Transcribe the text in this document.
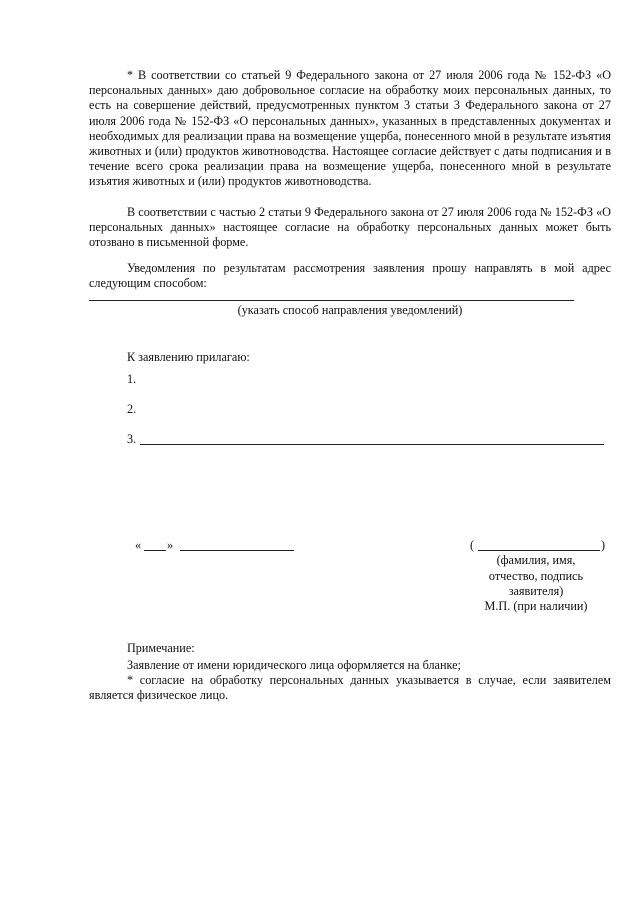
* В соответствии со статьей 9 Федерального закона от 27 июля 2006 года № 152-ФЗ «О персональных данных» даю добровольное согласие на обработку моих персональных данных, то есть на совершение действий, предусмотренных пунктом 3 статьи 3 Федерального закона от 27 июля 2006 года № 152-ФЗ «О персональных данных», указанных в представленных документах и необходимых для реализации права на возмещение ущерба, понесенного мной в результате изъятия животных и (или) продуктов животноводства. Настоящее согласие действует с даты подписания и в течение всего срока реализации права на возмещение ущерба, понесенного мной в результате изъятия животных и (или) продуктов животноводства.

В соответствии с частью 2 статьи 9 Федерального закона от 27 июля 2006 года № 152-ФЗ «О персональных данных» настоящее согласие на обработку персональных данных может быть отозвано в письменной форме.

Уведомления по результатам рассмотрения заявления прошу направлять в мой адрес следующим способом:

(указать способ направления уведомлений)
К заявлению прилагаю:
1.
2.
3.
« »	(	)
(фамилия, имя,
отчество, подпись
заявителя)
М.П. (при наличии)
Примечание:
Заявление от имени юридического лица оформляется на бланке;

* согласие на обработку персональных данных указывается в случае, если заявителем является физическое лицо.
